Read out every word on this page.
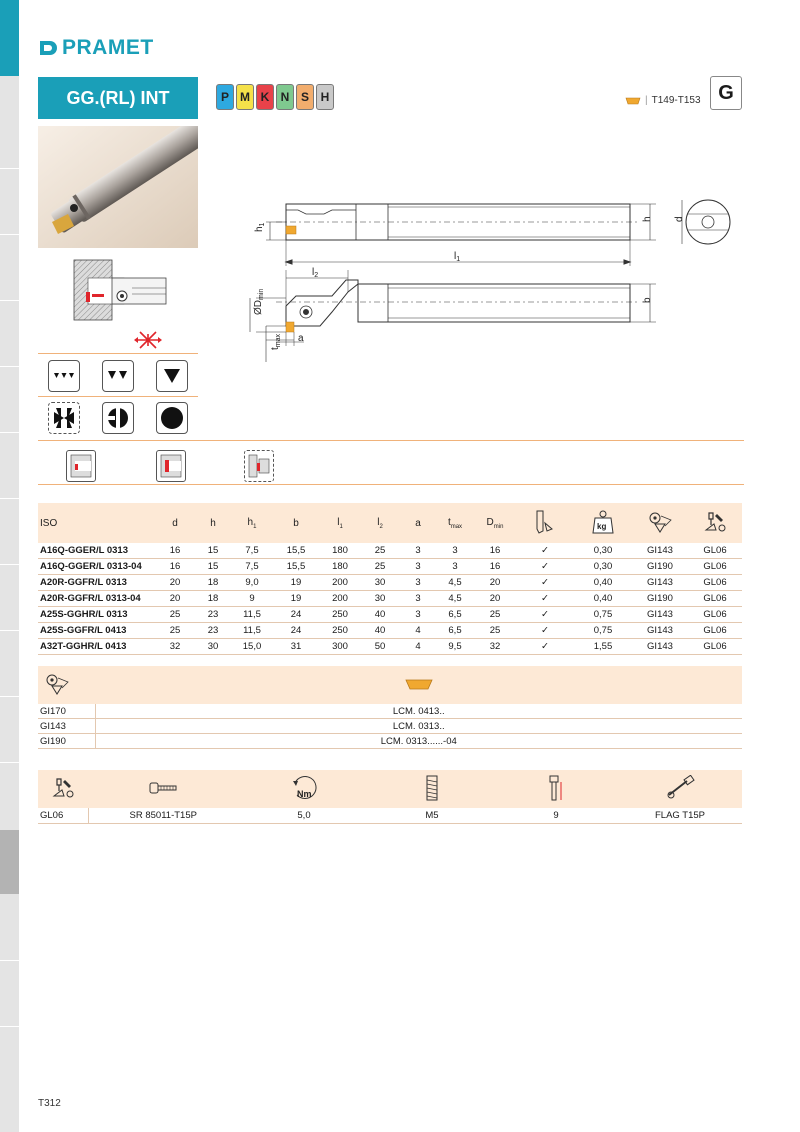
PRAMET
GG.(RL) INT	P M K N S H	| T149-T153 G
$h_1$
h
$l_1$
d
$l_2$
$ØD_{min}$
$t_{max}$ a
b
ISO	d	h	$h_1$	b	$l_1$	$l_2$	a	$t_{max}$	$D_{min}$		kg

A16Q-GGER/L 0313	16	15	7,5	15,5	180	25	3	3	16	✓	0,30	GI143	GL06
A16Q-GGER/L 0313-04	16	15	7,5	15,5	180	25	3	3	16	✓	0,30	GI190	GL06
A20R-GGFR/L 0313	20	18	9,0	19	200	30	3	4,5	20	✓	0,40	GI143	GL06
A20R-GGFR/L 0313-04	20	18	9	19	200	30	3	4,5	20	✓	0,40	GI190	GL06
A25S-GGHR/L 0313	25	23	11,5	24	250	40	3	6,5	25	✓	0,75	GI143	GL06
A25S-GGFR/L 0413	25	23	11,5	24	250	40	4	6,5	25	✓	0,75	GI143	GL06
A32T-GGHR/L 0413	32	30	15,0	31	300	50	4	9,5	32	✓	1,55	GI143	GL06

GI170	LCM. 0413..
GI143	LCM. 0313..
GI190	LCM. 0313......-04

Nm

GL06	SR 85011-T15P	5,0	M5	9	FLAG T15P
T312
